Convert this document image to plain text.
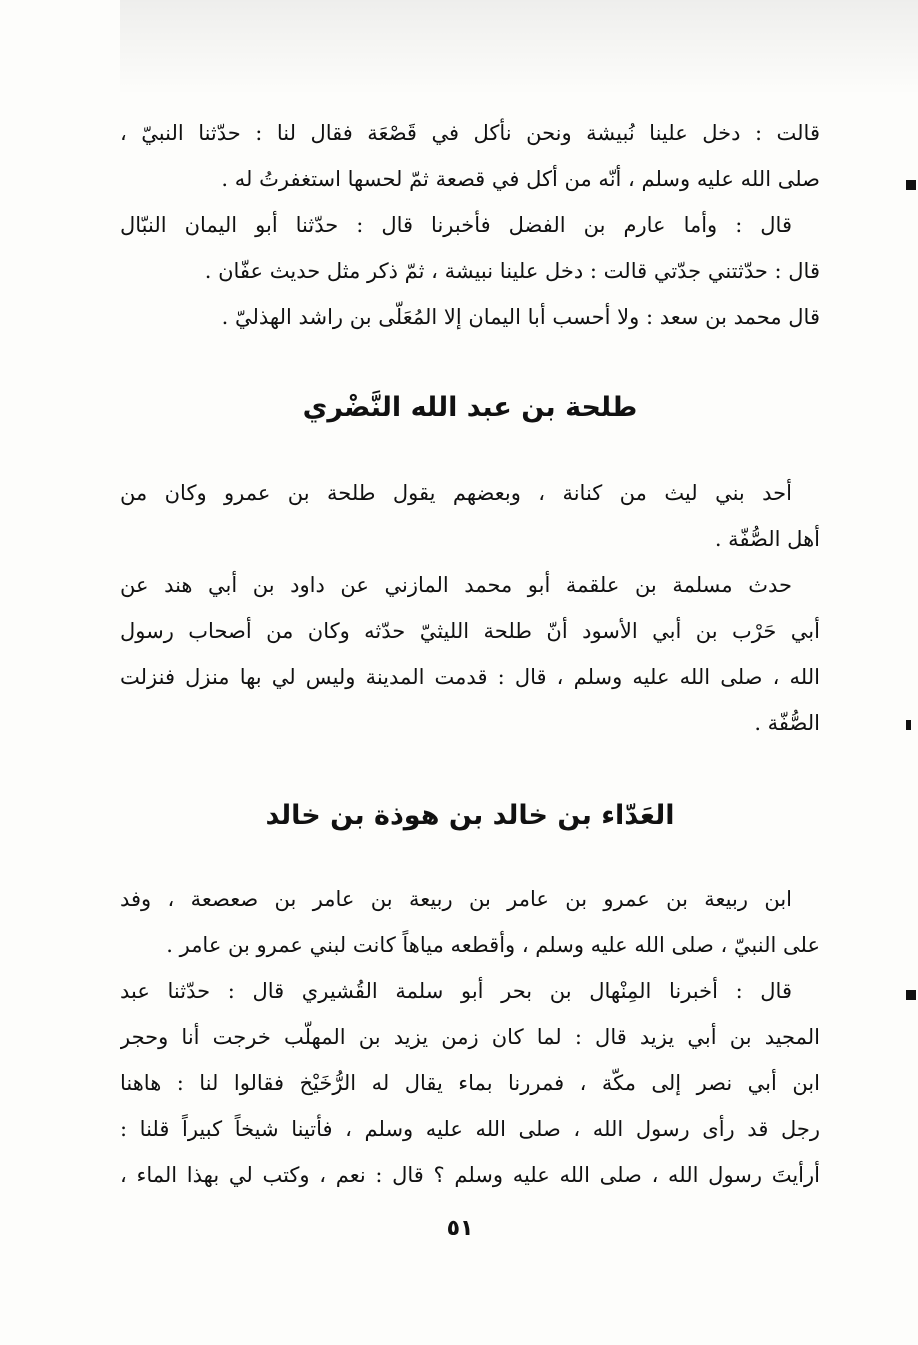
قالت : دخل علينا نُبيشة ونحن نأكل في قَصْعَة فقال لنا : حدّثنا النبيّ ،
صلى الله عليه وسلم ، أنّه من أكل في قصعة ثمّ لحسها استغفرتُ له .
قال : وأما عارم بن الفضل فأخبرنا قال : حدّثنا أبو اليمان النبّال
قال : حدّثتني جدّتي قالت : دخل علينا نبيشة ، ثمّ ذكر مثل حديث عفّان .
قال محمد بن سعد : ولا أحسب أبا اليمان إلا المُعَلّى بن راشد الهذليّ .
طلحة بن عبد الله النَّضْري
أحد بني ليث من كنانة ، وبعضهم يقول طلحة بن عمرو وكان من
أهل الصُّفّة .
حدث مسلمة بن علقمة أبو محمد المازني عن داود بن أبي هند عن
أبي حَرْب بن أبي الأسود أنّ طلحة الليثيّ حدّثه وكان من أصحاب رسول
الله ، صلى الله عليه وسلم ، قال : قدمت المدينة وليس لي بها منزل فنزلت
الصُّفّة .
العَدّاء بن خالد بن هوذة بن خالد
ابن ربيعة بن عمرو بن عامر بن ربيعة بن عامر بن صعصعة ، وفد
على النبيّ ، صلى الله عليه وسلم ، وأقطعه مياهاً كانت لبني عمرو بن عامر .
قال : أخبرنا المِنْهال بن بحر أبو سلمة القُشيري قال : حدّثنا عبد
المجيد بن أبي يزيد قال : لما كان زمن يزيد بن المهلّب خرجت أنا وحجر
ابن أبي نصر إلى مكّة ، فمررنا بماء يقال له الرُّخَيْخ فقالوا لنا : هاهنا
رجل قد رأى رسول الله ، صلى الله عليه وسلم ، فأتينا شيخاً كبيراً قلنا :
أرأيتَ رسول الله ، صلى الله عليه وسلم ؟ قال : نعم ، وكتب لي بهذا الماء ،
٥١
